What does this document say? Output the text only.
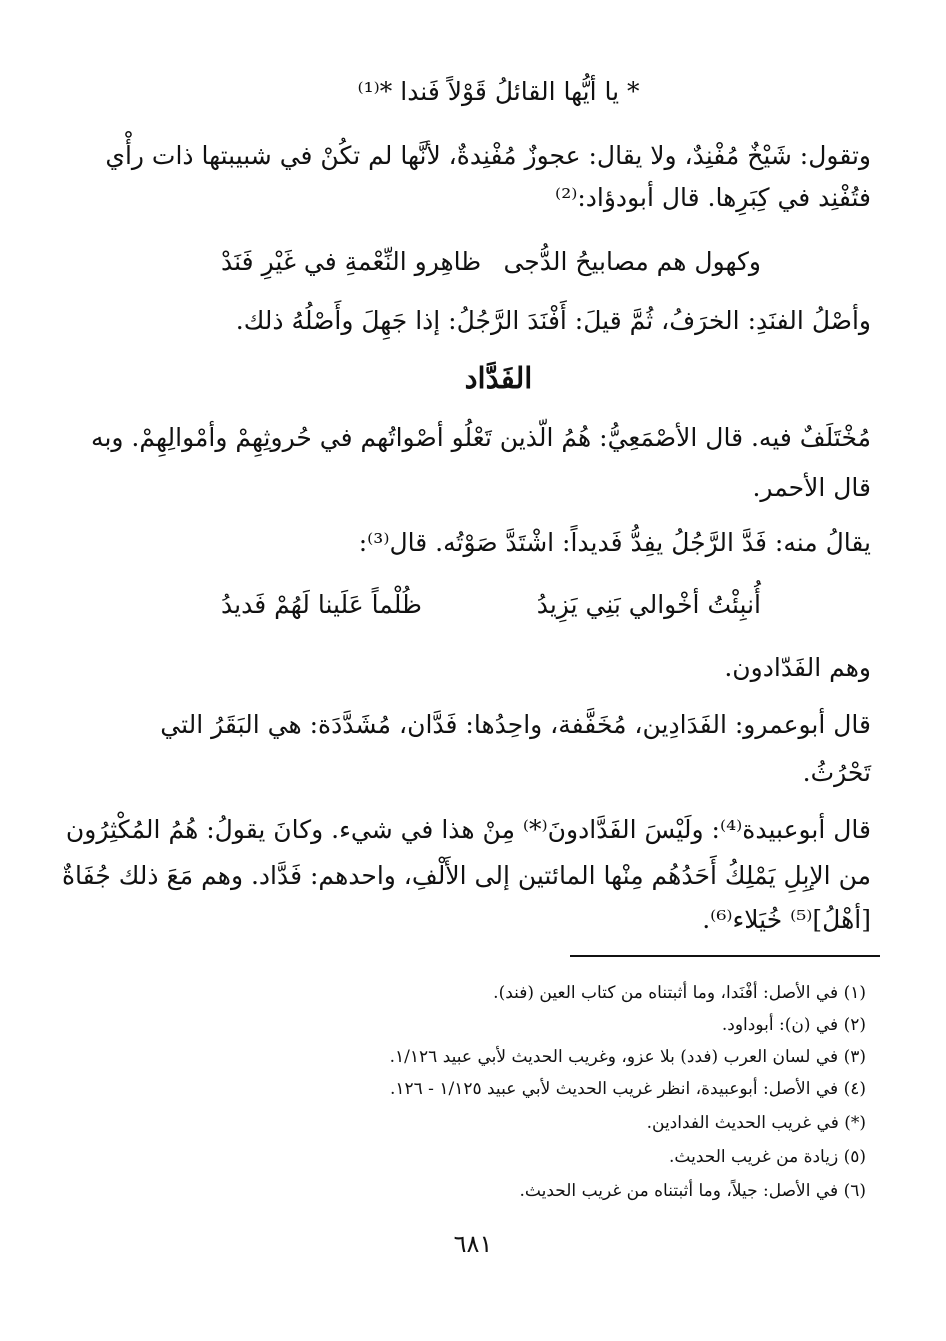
* يا أيُّها القائلُ قَوْلاً فَندا *⁽¹⁾
وتقول: شَيْخٌ مُفْنِدٌ، ولا يقال: عجوزٌ مُفْنِدةٌ، لأنَّها لم تكُنْ في شبيبتها ذات رأْي
فتُفْنِد في كِبَرِها. قال أبودؤاد:⁽²⁾
وكهول هم مصابيحُ الدُّجى
ظاهِرو النِّعْمةِ في غَيْرِ فَنَدْ
وأصْلُ الفنَدِ: الخرَفُ، ثُمَّ قيلَ: أَفْنَدَ الرَّجُلُ: إذا جَهِلَ وأَصْلُهُ ذلك.
الفَدَّاد
مُخْتَلَفٌ فيه. قال الأصْمَعِيُّ: هُمُ الّذين تَعْلُو أصْواتُهم في حُروثِهِمْ وأمْوالِهِمْ. وبه
قال الأحمر.
يقالُ منه: فَدَّ الرَّجُلُ يفِدُّ فَديداً: اشْتَدَّ صَوْتُه. قال⁽³⁾:
أُنبِئْتُ أخْوالي بَنِي يَزِيدُ
ظُلْماً عَلَينا لَهُمْ فَديدُ
وهم الفَدّادون.
قال أبوعمرو: الفَدَادِين، مُخَفَّفة، واحِدُها: فَدَّان، مُشَدَّدَة: هي البَقَرُ التي
تَحْرُثُ.
قال أبوعبيدة⁽⁴⁾: ولَيْسَ الفَدَّادونَ⁽*⁾ مِنْ هذا في شيء. وكانَ يقولُ: هُمُ المُكْثِرُون
من الإبِلِ يَمْلِكُ أَحَدُهُم مِنْها المائتين إلى الأَلْفِ، واحدهم: فَدَّاد. وهم مَعَ ذلك جُفَاةٌ
[أهْلُ]⁽⁵⁾ خُيَلاء⁽⁶⁾.
(١) في الأصل: أفْنَدا، وما أثبتناه من كتاب العين (فند).
(٢) في (ن): أبوداود.
(٣) في لسان العرب (فدد) بلا عزو، وغريب الحديث لأبي عبيد ١/١٢٦.
(٤) في الأصل: أبوعبيدة، انظر غريب الحديث لأبي عبيد ١/١٢٥ - ١٢٦.
(*) في غريب الحديث الفدادين.
(٥) زيادة من غريب الحديث.
(٦) في الأصل: جيلاً، وما أثبتناه من غريب الحديث.
٦٨١
